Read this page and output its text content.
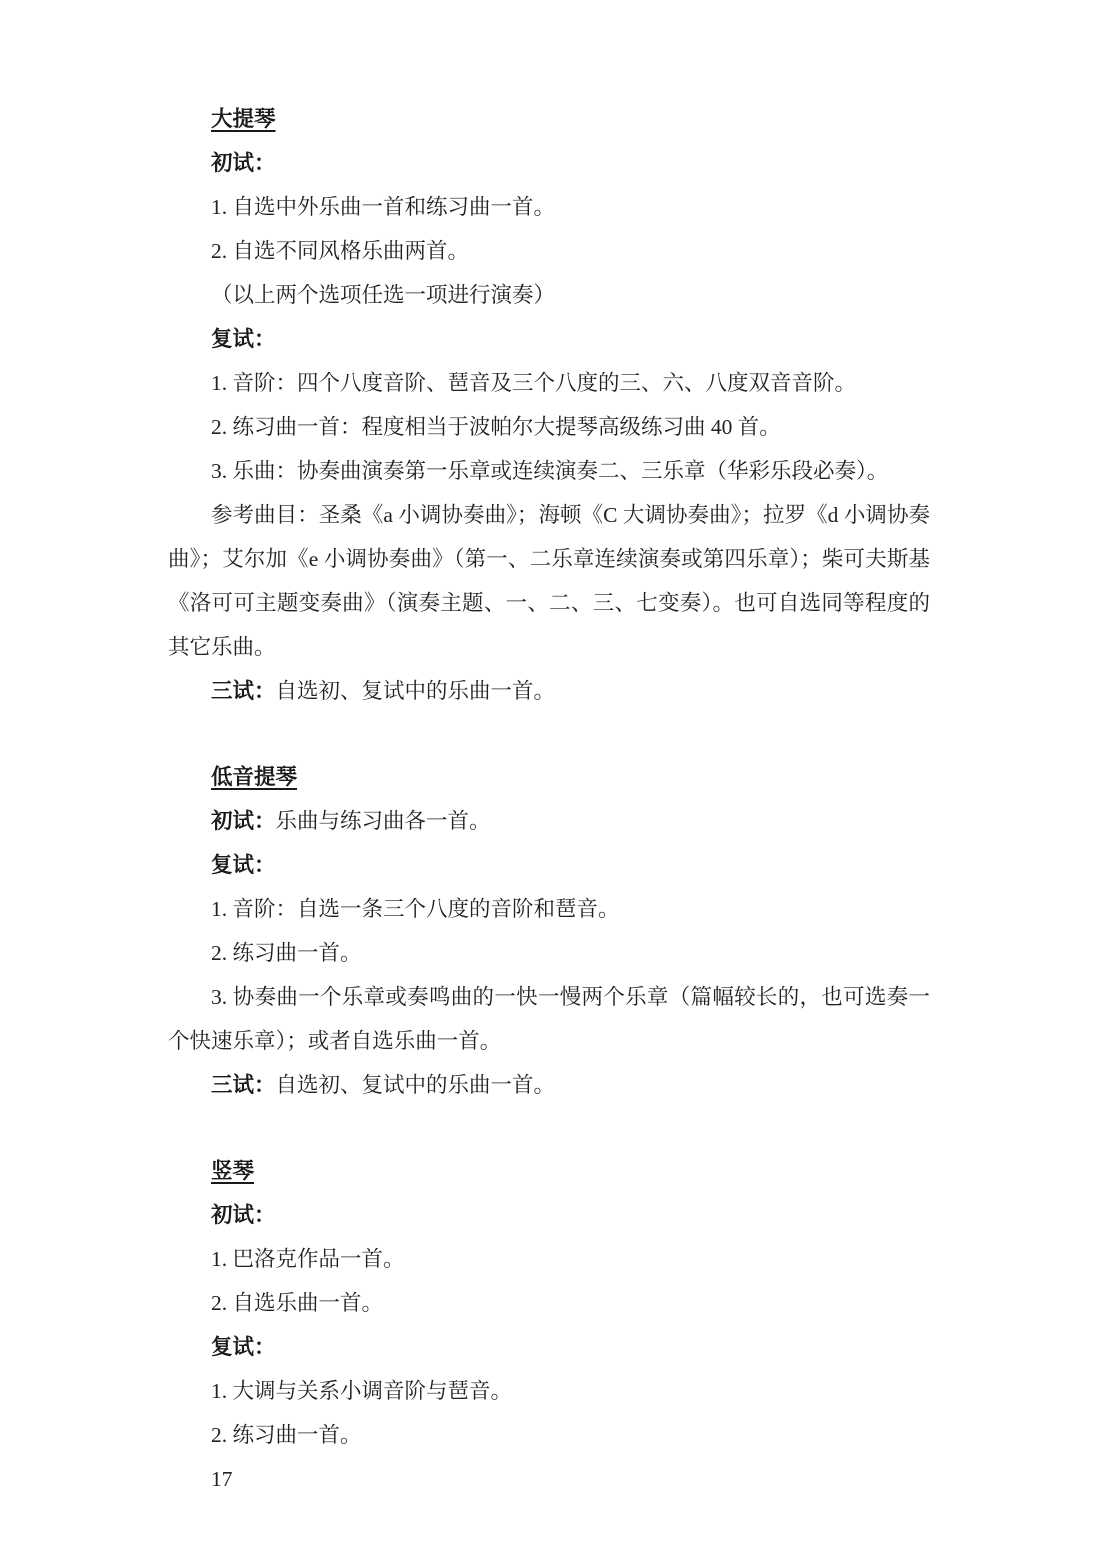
大提琴

初试：

1. 自选中外乐曲一首和练习曲一首。

2. 自选不同风格乐曲两首。

（以上两个选项任选一项进行演奏）

复试：

1. 音阶：四个八度音阶、琶音及三个八度的三、六、八度双音音阶。

2. 练习曲一首：程度相当于波帕尔大提琴高级练习曲 40 首。

3. 乐曲：协奏曲演奏第一乐章或连续演奏二、三乐章（华彩乐段必奏）。

参考曲目：圣桑《a 小调协奏曲》；海顿《C 大调协奏曲》；拉罗《d 小调协奏曲》；艾尔加《e 小调协奏曲》（第一、二乐章连续演奏或第四乐章）；柴可夫斯基《洛可可主题变奏曲》（演奏主题、一、二、三、七变奏）。也可自选同等程度的其它乐曲。

三试：自选初、复试中的乐曲一首。

低音提琴

初试：乐曲与练习曲各一首。

复试：

1. 音阶：自选一条三个八度的音阶和琶音。

2. 练习曲一首。

3. 协奏曲一个乐章或奏鸣曲的一快一慢两个乐章（篇幅较长的，也可选奏一个快速乐章）；或者自选乐曲一首。

三试：自选初、复试中的乐曲一首。

竖琴

初试：

1. 巴洛克作品一首。

2. 自选乐曲一首。

复试：

1. 大调与关系小调音阶与琶音。

2. 练习曲一首。

17
